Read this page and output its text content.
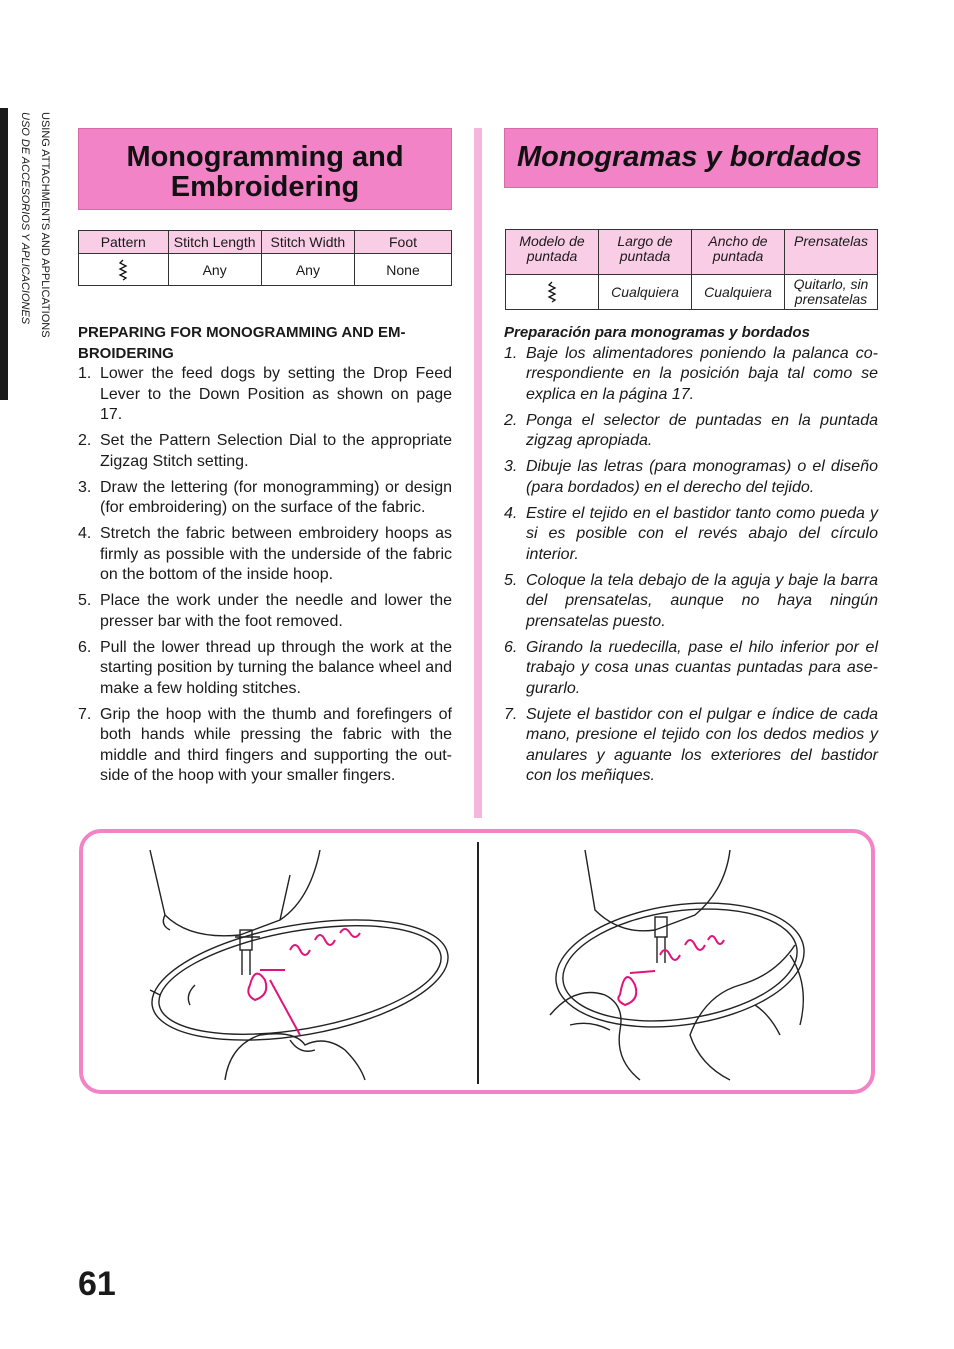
USING ATTACHMENTS AND APPLICATIONS
USO DE ACCESORIOS Y APLICACIONES	Monogramming and
Embroidering
Monogramas y bordados
Pattern	Stitch Length	Stitch Width	Foot
	Any	Any	None
Modelo de puntada	Largo de puntada	Ancho de puntada	Prensatelas
	Cualquiera	Cualquiera	Quitarlo, sin prensatelas
PREPARING FOR MONOGRAMMING AND EM-BROIDERING
1. Lower the feed dogs by setting the Drop Feed Lever to the Down Position as shown on page 17.
2. Set the Pattern Selection Dial to the appropriate Zigzag Stitch setting.
3. Draw the lettering (for monogramming) or design (for embroidering) on the surface of the fabric.
4. Stretch the fabric between embroidery hoops as firmly as possible with the underside of the fabric on the bottom of the inside hoop.
5. Place the work under the needle and lower the presser bar with the foot removed.
6. Pull the lower thread up through the work at the starting position by turning the balance wheel and make a few holding stitches.
7. Grip the hoop with the thumb and forefingers of both hands while pressing the fabric with the middle and third fingers and supporting the out-side of the hoop with your smaller fingers.
Preparación para monogramas y bordados
1. Baje los alimentadores poniendo la palanca co-rrespondiente en la posición baja tal como se explica en la página 17.
2. Ponga el selector de puntadas en la puntada zigzag apropiada.
3. Dibuje las letras (para monogramas) o el diseño (para bordados) en el derecho del tejido.
4. Estire el tejido en el bastidor tanto como pueda y si es posible con el revés abajo del círculo interior.
5. Coloque la tela debajo de la aguja y baje la barra del prensatelas, aunque no haya ningún prensatelas puesto.
6. Girando la ruedecilla, pase el hilo inferior por el trabajo y cosa unas cuantas puntadas para ase-gurarlo.
7. Sujete el bastidor con el pulgar e índice de cada mano, presione el tejido con los dedos medios y anulares y aguante los exteriores del bastidor con los meñiques.
61
